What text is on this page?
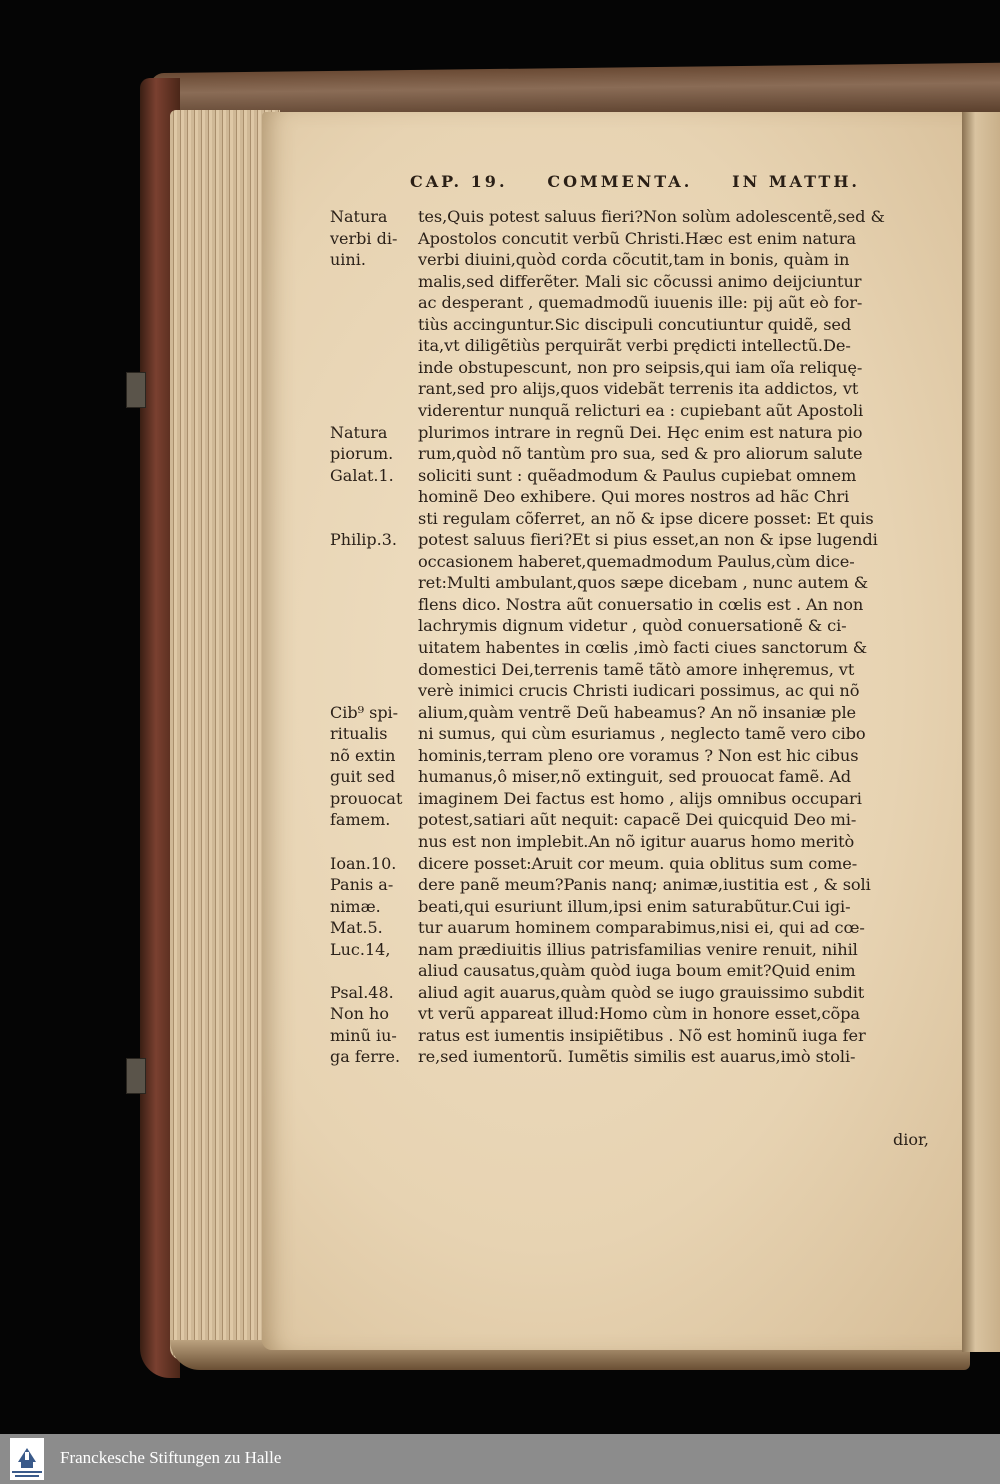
CAP. 19. COMMENTA. IN MATTH.
Natura
verbi di-
uini.
Natura
piorum.
Galat.1.
Philip.3.
Cib⁹ spi-
ritualis
nõ extin
guit sed
prouocat
famem.
Ioan.10.
Panis a-
nimæ.
Mat.5.
Luc.14,
Psal.48.
Non ho
minũ iu-
ga ferre.
tes,Quis potest saluus fieri?Non solùm adolescentẽ,sed &
Apostolos concutit verbũ Christi.Hæc est enim natura
verbi diuini,quòd corda cõcutit,tam in bonis, quàm in
malis,sed differẽter. Mali sic cõcussi animo deijciuntur
ac desperant , quemadmodũ iuuenis ille: pij aũt eò for-
tiùs accinguntur.Sic discipuli concutiuntur quidẽ, sed
ita,vt diligẽtiùs perquirãt verbi prędicti intellectũ.De-
inde obstupescunt, non pro seipsis,qui iam oĩa reliquę-
rant,sed pro alijs,quos videbãt terrenis ita addictos, vt
viderentur nunquã relicturi ea : cupiebant aũt Apostoli
plurimos intrare in regnũ Dei. Hęc enim est natura pio
rum,quòd nõ tantùm pro sua, sed & pro aliorum salute
soliciti sunt : quẽadmodum & Paulus cupiebat omnem
hominẽ Deo exhibere. Qui mores nostros ad hãc Chri
sti regulam cõferret, an nõ & ipse dicere posset: Et quis
potest saluus fieri?Et si pius esset,an non & ipse lugendi
occasionem haberet,quemadmodum Paulus,cùm dice-
ret:Multi ambulant,quos sæpe dicebam , nunc autem &
flens dico. Nostra aũt conuersatio in cœlis est . An non
lachrymis dignum videtur , quòd conuersationẽ & ci-
uitatem habentes in cœlis ,imò facti ciues sanctorum &
domestici Dei,terrenis tamẽ tãtò amore inhęremus, vt
verè inimici crucis Christi iudicari possimus, ac qui nõ
alium,quàm ventrẽ Deũ habeamus? An nõ insaniæ ple
ni sumus, qui cùm esuriamus , neglecto tamẽ vero cibo
hominis,terram pleno ore voramus ? Non est hic cibus
humanus,ô miser,nõ extinguit, sed prouocat famẽ. Ad
imaginem Dei factus est homo , alijs omnibus occupari
potest,satiari aũt nequit: capacẽ Dei quicquid Deo mi-
nus est non implebit.An nõ igitur auarus homo meritò
dicere posset:Aruit cor meum. quia oblitus sum come-
dere panẽ meum?Panis nanq; animæ,iustitia est , & soli
beati,qui esuriunt illum,ipsi enim saturabũtur.Cui igi-
tur auarum hominem comparabimus,nisi ei, qui ad cœ-
nam prædiuitis illius patrisfamilias venire renuit, nihil
aliud causatus,quàm quòd iuga boum emit?Quid enim
aliud agit auarus,quàm quòd se iugo grauissimo subdit
vt verũ appareat illud:Homo cùm in honore esset,cõpa
ratus est iumentis insipiẽtibus . Nõ est hominũ iuga fer
re,sed iumentorũ. Iumẽtis similis est auarus,imò stoli-
dior,
Franckesche Stiftungen zu Halle
